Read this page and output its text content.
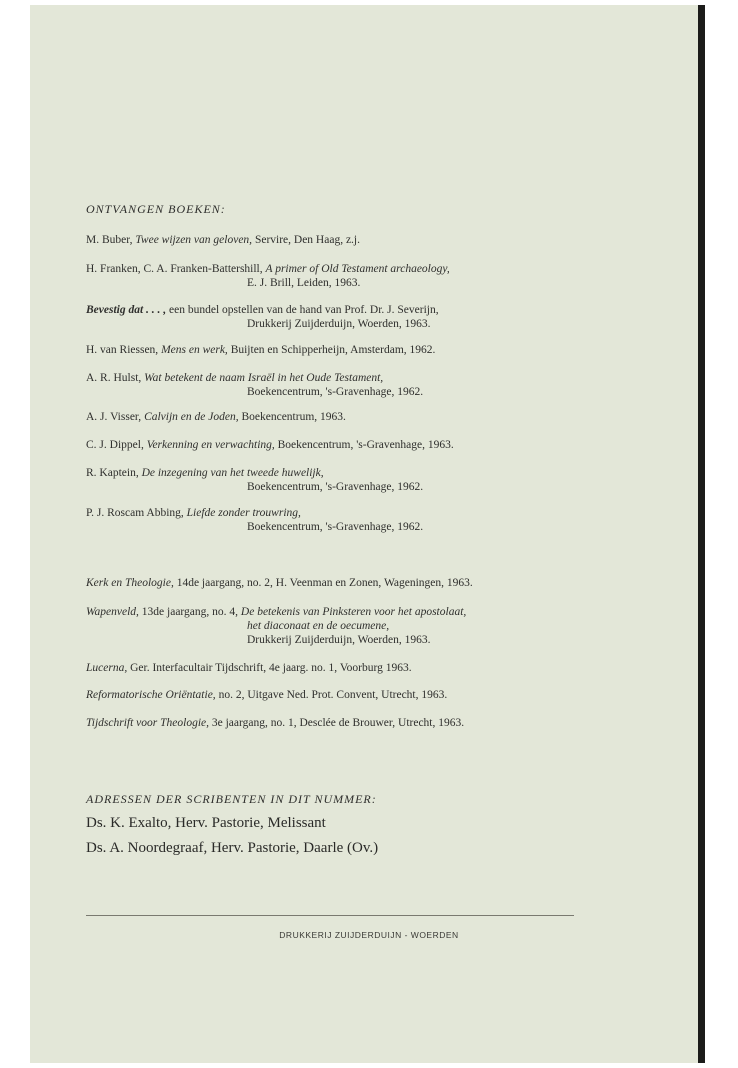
ONTVANGEN BOEKEN:

M. Buber, Twee wijzen van geloven, Servire, Den Haag, z.j.
H. Franken, C. A. Franken-Battershill, A primer of Old Testament archaeology,
E. J. Brill, Leiden, 1963.
Bevestig dat . . . , een bundel opstellen van de hand van Prof. Dr. J. Severijn,
Drukkerij Zuijderduijn, Woerden, 1963.
H. van Riessen, Mens en werk, Buijten en Schipperheijn, Amsterdam, 1962.
A. R. Hulst, Wat betekent de naam Israël in het Oude Testament,
Boekencentrum, 's-Gravenhage, 1962.
A. J. Visser, Calvijn en de Joden, Boekencentrum, 1963.
C. J. Dippel, Verkenning en verwachting, Boekencentrum, 's-Gravenhage, 1963.
R. Kaptein, De inzegening van het tweede huwelijk,
Boekencentrum, 's-Gravenhage, 1962.
P. J. Roscam Abbing, Liefde zonder trouwring,
Boekencentrum, 's-Gravenhage, 1962.
Kerk en Theologie, 14de jaargang, no. 2, H. Veenman en Zonen, Wageningen, 1963.
Wapenveld, 13de jaargang, no. 4, De betekenis van Pinksteren voor het apostolaat,
het diaconaat en de oecumene,
Drukkerij Zuijderduijn, Woerden, 1963.
Lucerna, Ger. Interfacultair Tijdschrift, 4e jaarg. no. 1, Voorburg 1963.
Reformatorische Oriëntatie, no. 2, Uitgave Ned. Prot. Convent, Utrecht, 1963.
Tijdschrift voor Theologie, 3e jaargang, no. 1, Desclée de Brouwer, Utrecht, 1963.

ADRESSEN DER SCRIBENTEN IN DIT NUMMER:

Ds. K. Exalto, Herv. Pastorie, Melissant
Ds. A. Noordegraaf, Herv. Pastorie, Daarle (Ov.)
DRUKKERIJ ZUIJDERDUIJN - WOERDEN
